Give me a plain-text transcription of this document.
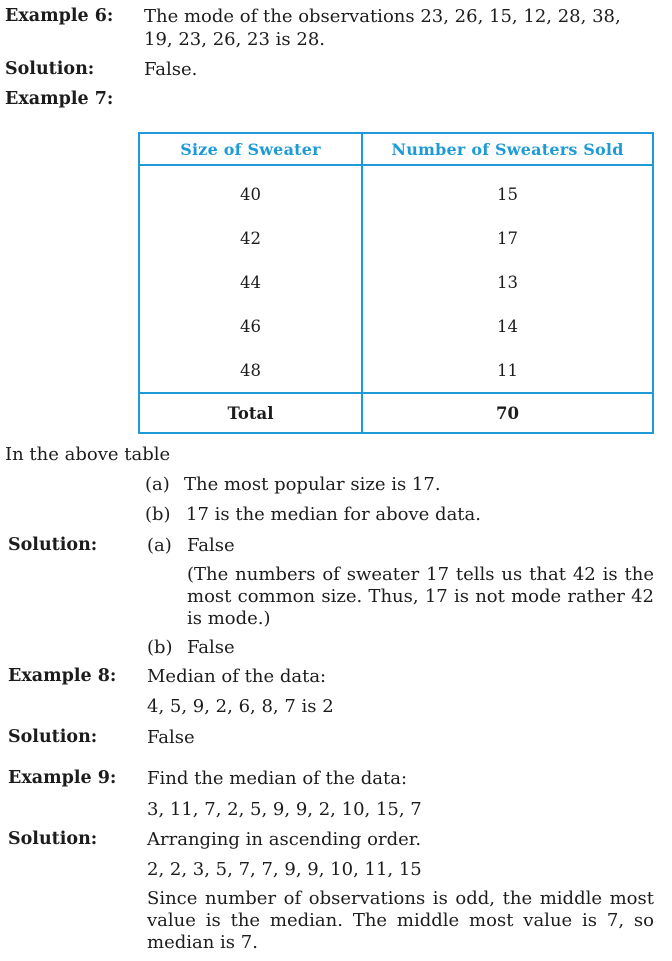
Example 6: The mode of the observations 23, 26, 15, 12, 28, 38,
19, 23, 26, 23 is 28.
Solution:	False.
Example 7:
Size of Sweater	Number of Sweaters Sold
40	15
42	17
44	13
46	14
48	11
Total	70
In the above table
(a) The most popular size is 17.
(b) 17 is the median for above data.
Solution:	(a) False
(The numbers of sweater 17 tells us that 42 is the most common size. Thus, 17 is not mode rather 42 is mode.)
(b) False
Example 8: Median of the data:
4, 5, 9, 2, 6, 8, 7 is 2
Solution:	False
Example 9: Find the median of the data:
3, 11, 7, 2, 5, 9, 9, 2, 10, 15, 7
Solution:	Arranging in ascending order.
2, 2, 3, 5, 7, 7, 9, 9, 10, 11, 15
Since number of observations is odd, the middle most value is the median. The middle most value is 7, so median is 7.
